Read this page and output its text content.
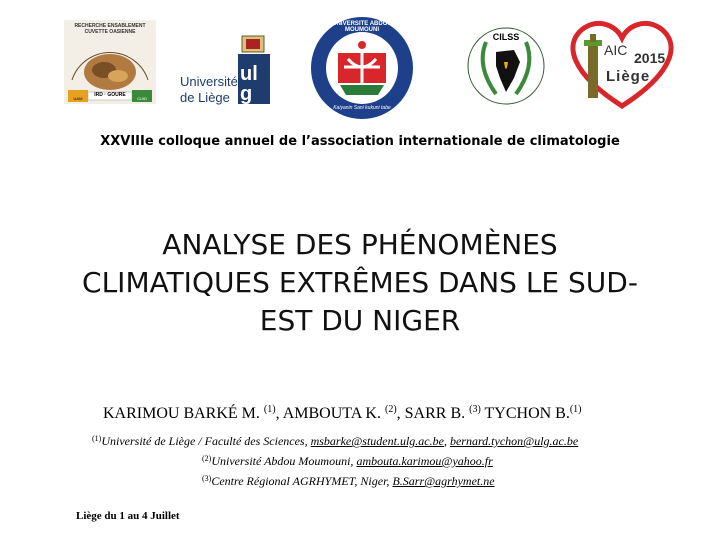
RECHERCHE ENSABLEMENT CUVETTE OASIENNE
IRD · GOURE
UAM	CUID
Université
de Liège
ulg
UNIVERSITE ABDOU MOUMOUNI
Kaiyanin Sani kukuni tabe
CILSS
AIC 2015
Liège
XXVIIIe colloque annuel de l’association internationale de climatologie
ANALYSE DES PHÉNOMÈNES
CLIMATIQUES EXTRÊMES DANS LE SUD-
EST DU NIGER
KARIMOU BARKÉ M. $^{(1)}$, AMBOUTA K. $^{(2)}$, SARR B. $^{(3)}$ TYCHON B.$^{(1)}$
$^{(1)}$Université de Liège / Faculté des Sciences, msbarke@student.ulg.ac.be, bernard.tychon@ulg.ac.be
$^{(2)}$Université Abdou Moumouni, ambouta.karimou@yahoo.fr
$^{(3)}$Centre Régional AGRHYMET, Niger, B.Sarr@agrhymet.ne
Liège du 1 au 4 Juillet
